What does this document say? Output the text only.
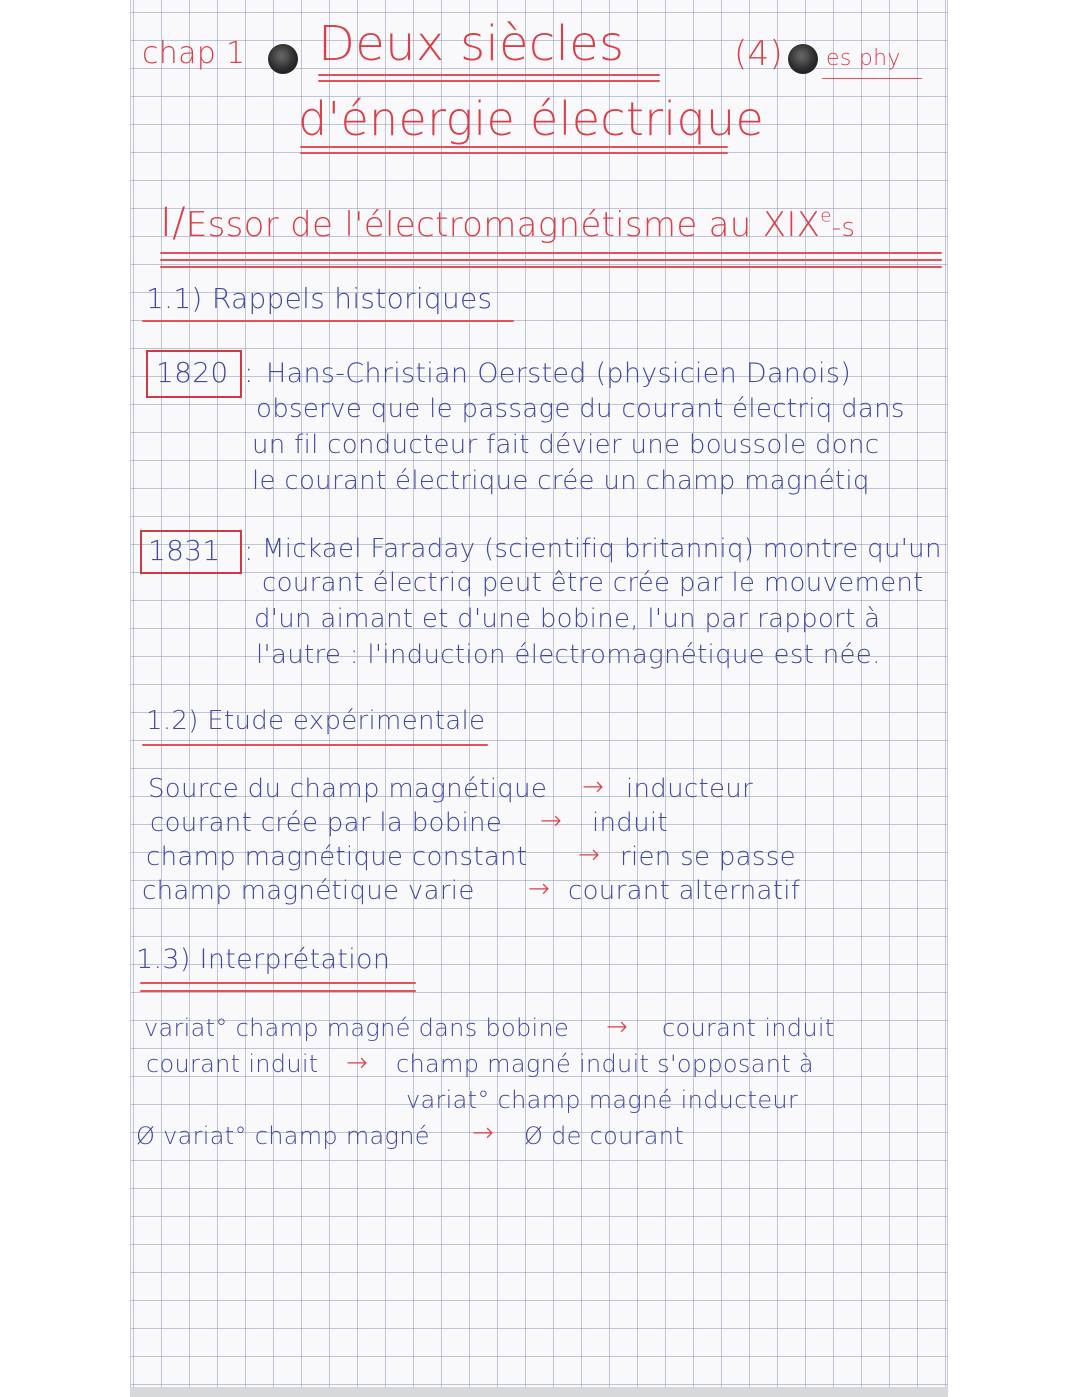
chap 1 Deux siècles	(4) es phy
d'énergie électrique
I/Essor de l'électromagnétisme au XIXe-s
1.1) Rappels historiques
1820 : Hans-Christian Oersted (physicien Danois)
observe que le passage du courant électriq dans
un fil conducteur fait dévier une boussole donc
le courant électrique crée un champ magnétiq
1831 : Mickael Faraday (scientifiq britanniq) montre qu'un
courant électriq peut être crée par le mouvement
d'un aimant et d'une bobine, l'un par rapport à
l'autre : l'induction électromagnétique est née.
1.2) Etude expérimentale
Source du champ magnétique → inducteur
courant crée par la bobine → induit
champ magnétique constant → rien se passe
champ magnétique varie → courant alternatif
1.3) Interprétation
variat° champ magné dans bobine → courant induit
courant induit → champ magné induit s'opposant à
variat° champ magné inducteur
Ø variat° champ magné → Ø de courant
